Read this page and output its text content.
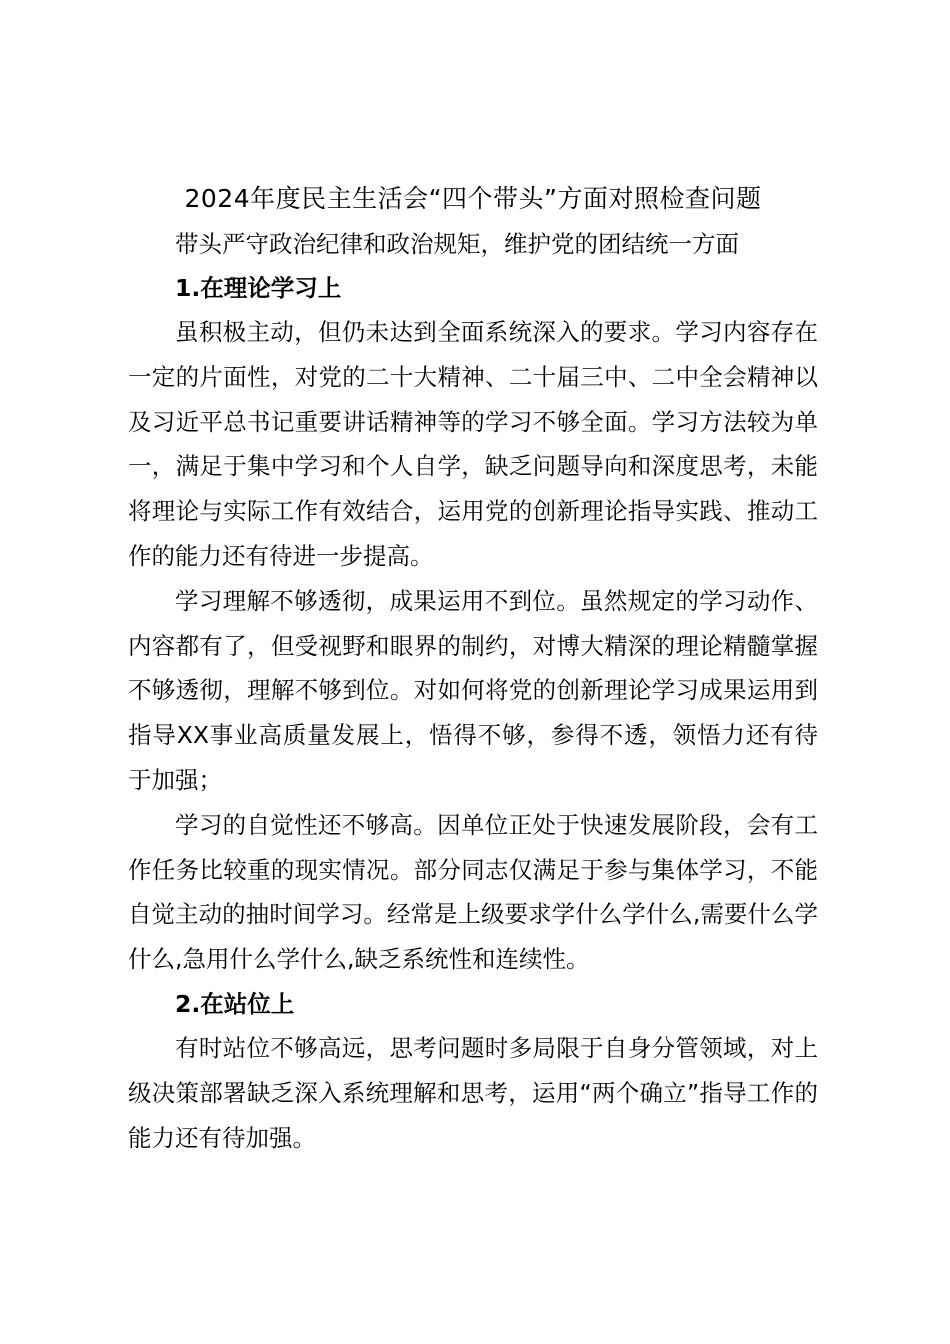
2024年度民主生活会“四个带头”方面对照检查问题

带头严守政治纪律和政治规矩，维护党的团结统一方面

1.在理论学习上

虽积极主动，但仍未达到全面系统深入的要求。学习内容存在一定的片面性，对党的二十大精神、二十届三中、二中全会精神以及习近平总书记重要讲话精神等的学习不够全面。学习方法较为单一，满足于集中学习和个人自学，缺乏问题导向和深度思考，未能将理论与实际工作有效结合，运用党的创新理论指导实践、推动工作的能力还有待进一步提高。

学习理解不够透彻，成果运用不到位。虽然规定的学习动作、内容都有了，但受视野和眼界的制约，对博大精深的理论精髓掌握不够透彻，理解不够到位。对如何将党的创新理论学习成果运用到指导XX事业高质量发展上，悟得不够，参得不透，领悟力还有待于加强；

学习的自觉性还不够高。因单位正处于快速发展阶段，会有工作任务比较重的现实情况。部分同志仅满足于参与集体学习，不能自觉主动的抽时间学习。经常是上级要求学什么学什么,需要什么学什么,急用什么学什么,缺乏系统性和连续性。

2.在站位上

有时站位不够高远，思考问题时多局限于自身分管领域，对上级决策部署缺乏深入系统理解和思考，运用“两个确立”指导工作的能力还有待加强。
